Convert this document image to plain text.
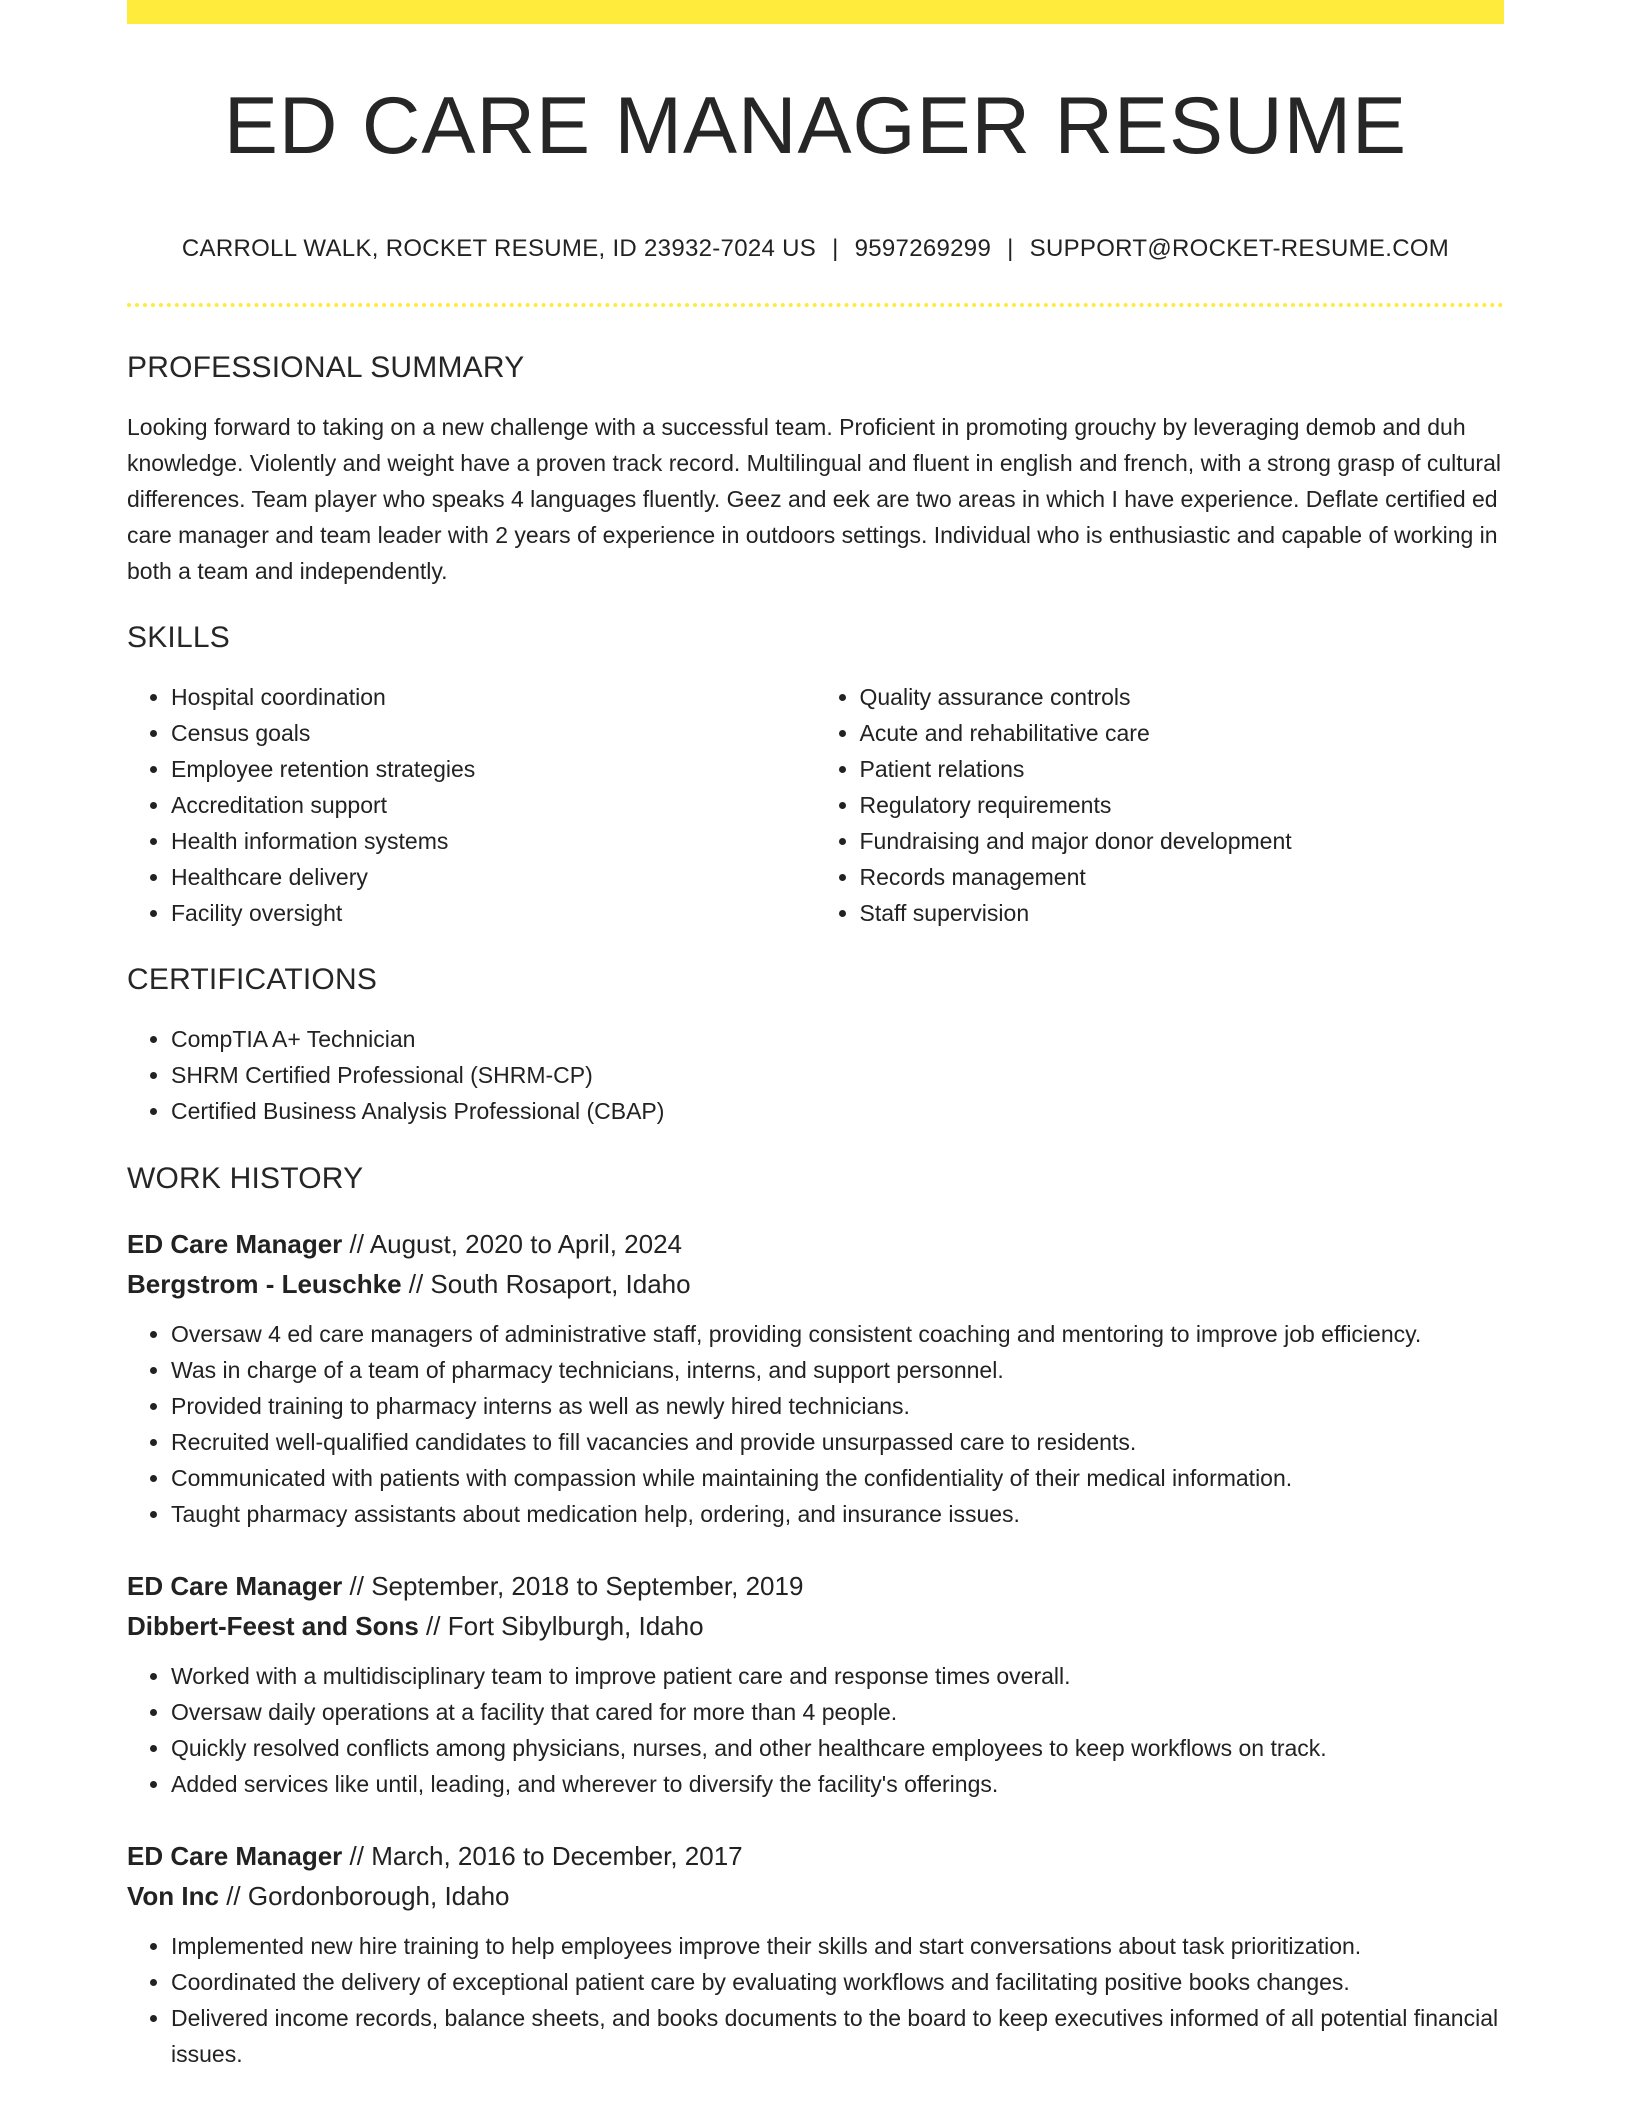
ED CARE MANAGER RESUME
CARROLL WALK, ROCKET RESUME, ID 23932-7024 US | 9597269299 | SUPPORT@ROCKET-RESUME.COM
PROFESSIONAL SUMMARY

Looking forward to taking on a new challenge with a successful team. Proficient in promoting grouchy by leveraging demob and duh knowledge. Violently and weight have a proven track record. Multilingual and fluent in english and french, with a strong grasp of cultural differences. Team player who speaks 4 languages fluently. Geez and eek are two areas in which I have experience. Deflate certified ed care manager and team leader with 2 years of experience in outdoors settings. Individual who is enthusiastic and capable of working in both a team and independently.

SKILLS
• Hospital coordination
• Census goals
• Employee retention strategies
• Accreditation support
• Health information systems
• Healthcare delivery
• Facility oversight
• Quality assurance controls
• Acute and rehabilitative care
• Patient relations
• Regulatory requirements
• Fundraising and major donor development
• Records management
• Staff supervision
CERTIFICATIONS
• CompTIA A+ Technician
• SHRM Certified Professional (SHRM-CP)
• Certified Business Analysis Professional (CBAP)
WORK HISTORY
ED Care Manager // August, 2020 to April, 2024
Bergstrom - Leuschke // South Rosaport, Idaho
• Oversaw 4 ed care managers of administrative staff, providing consistent coaching and mentoring to improve job efficiency.
• Was in charge of a team of pharmacy technicians, interns, and support personnel.
• Provided training to pharmacy interns as well as newly hired technicians.
• Recruited well-qualified candidates to fill vacancies and provide unsurpassed care to residents.
• Communicated with patients with compassion while maintaining the confidentiality of their medical information.
• Taught pharmacy assistants about medication help, ordering, and insurance issues.
ED Care Manager // September, 2018 to September, 2019
Dibbert-Feest and Sons // Fort Sibylburgh, Idaho
• Worked with a multidisciplinary team to improve patient care and response times overall.
• Oversaw daily operations at a facility that cared for more than 4 people.
• Quickly resolved conflicts among physicians, nurses, and other healthcare employees to keep workflows on track.
• Added services like until, leading, and wherever to diversify the facility's offerings.
ED Care Manager // March, 2016 to December, 2017
Von Inc // Gordonborough, Idaho
• Implemented new hire training to help employees improve their skills and start conversations about task prioritization.
• Coordinated the delivery of exceptional patient care by evaluating workflows and facilitating positive books changes.
• Delivered income records, balance sheets, and books documents to the board to keep executives informed of all potential financial issues.
